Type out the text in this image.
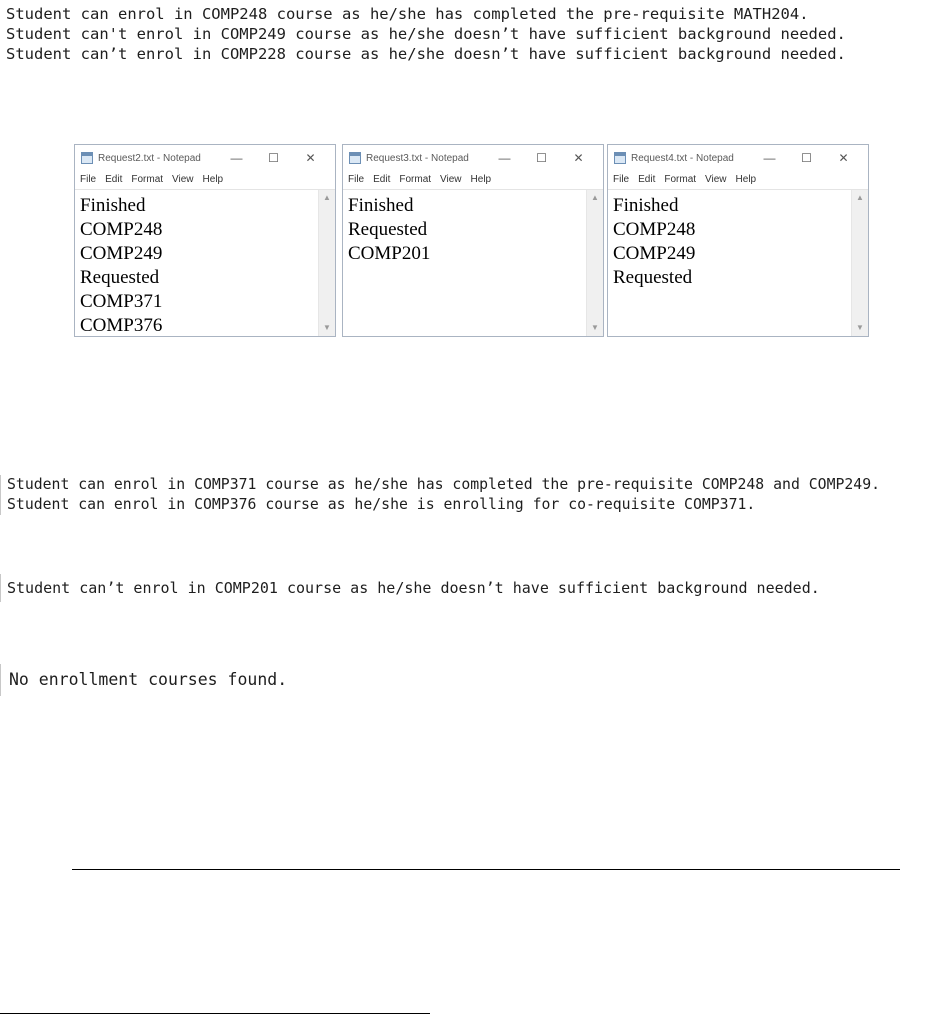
Student can enrol in COMP248 course as he/she has completed the pre-requisite MATH204.
Student can't enrol in COMP249 course as he/she doesn’t have sufficient background needed.
Student can’t enrol in COMP228 course as he/she doesn’t have sufficient background needed.
Request2.txt - Notepad	—	☐	✕
File Edit Format View Help
Finished
COMP248
COMP249
Requested
COMP371
COMP376
▲
▼
Request3.txt - Notepad	—	☐	✕
File Edit Format View Help
Finished
Requested
COMP201
▲
▼
Request4.txt - Notepad	—	☐	✕
File Edit Format View Help
Finished
COMP248
COMP249
Requested
▲
▼
Student can enrol in COMP371 course as he/she has completed the pre-requisite COMP248 and COMP249.
Student can enrol in COMP376 course as he/she is enrolling for co-requisite COMP371.
Student can’t enrol in COMP201 course as he/she doesn’t have sufficient background needed.
No enrollment courses found.
